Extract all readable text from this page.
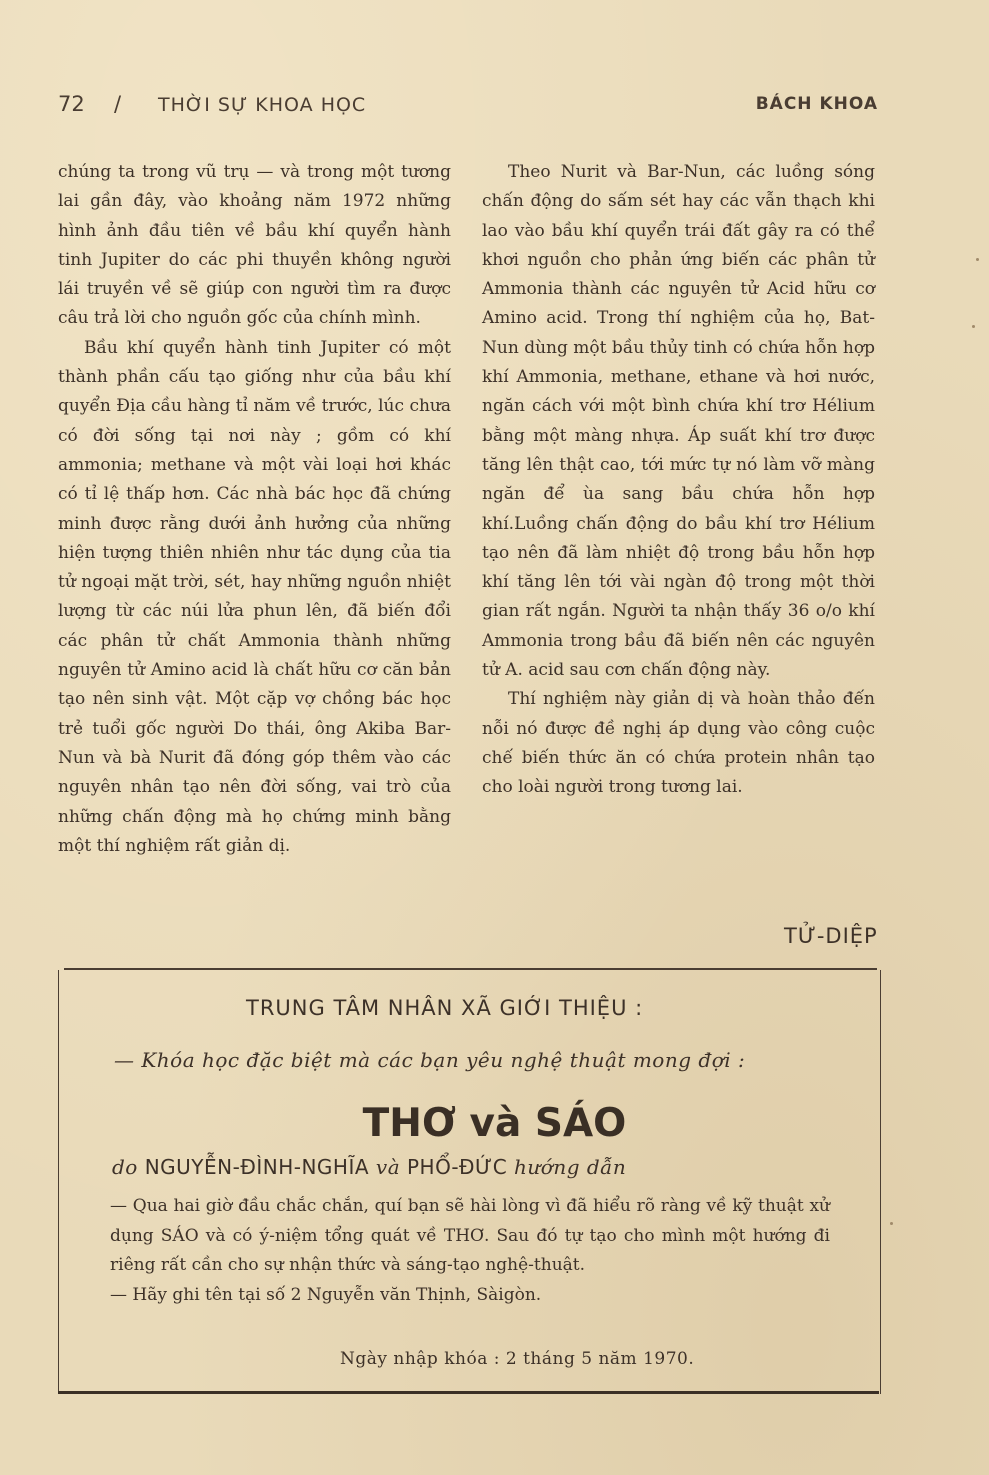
72 / THỜI SỰ KHOA HỌC	BÁCH KHOA

chúng ta trong vũ trụ — và trong một tương lai gần đây, vào khoảng năm 1972 những hình ảnh đầu tiên về bầu khí quyển hành tinh Jupiter do các phi thuyền không người lái truyền về sẽ giúp con người tìm ra được câu trả lời cho nguồn gốc của chính mình.

Bầu khí quyển hành tinh Jupiter có một thành phần cấu tạo giống như của bầu khí quyển Địa cầu hàng tỉ năm về trước, lúc chưa có đời sống tại nơi này ; gồm có khí ammonia; methane và một vài loại hơi khác có tỉ lệ thấp hơn. Các nhà bác học đã chứng minh được rằng dưới ảnh hưởng của những hiện tượng thiên nhiên như tác dụng của tia tử ngoại mặt trời, sét, hay những nguồn nhiệt lượng từ các núi lửa phun lên, đã biến đổi các phân tử chất Ammonia thành những nguyên tử Amino acid là chất hữu cơ căn bản tạo nên sinh vật. Một cặp vợ chồng bác học trẻ tuổi gốc người Do thái, ông Akiba Bar-Nun và bà Nurit đã đóng góp thêm vào các nguyên nhân tạo nên đời sống, vai trò của những chấn động mà họ chứng minh bằng một thí nghiệm rất giản dị.

Theo Nurit và Bar-Nun, các luồng sóng chấn động do sấm sét hay các vẫn thạch khi lao vào bầu khí quyển trái đất gây ra có thể khơi nguồn cho phản ứng biến các phân tử Ammonia thành các nguyên tử Acid hữu cơ Amino acid. Trong thí nghiệm của họ, Bat-Nun dùng một bầu thủy tinh có chứa hỗn hợp khí Ammonia, methane, ethane và hơi nước, ngăn cách với một bình chứa khí trơ Hélium bằng một màng nhựa. Áp suất khí trơ được tăng lên thật cao, tới mức tự nó làm vỡ màng ngăn để ùa sang bầu chứa hỗn hợp khí.Luồng chấn động do bầu khí trơ Hélium tạo nên đã làm nhiệt độ trong bầu hỗn hợp khí tăng lên tới vài ngàn độ trong một thời gian rất ngắn. Người ta nhận thấy 36 o/o khí Ammonia trong bầu đã biến nên các nguyên tử A. acid sau cơn chấn động này.

Thí nghiệm này giản dị và hoàn thảo đến nỗi nó được đề nghị áp dụng vào công cuộc chế biến thức ăn có chứa protein nhân tạo cho loài người trong tương lai.

TỬ-DIỆP
TRUNG TÂM NHÂN XÃ GIỚI THIỆU :
— Khóa học đặc biệt mà các bạn yêu nghệ thuật mong đợi :
THƠ và SÁO
do NGUYỄN-ĐÌNH-NGHĨA và PHỔ-ĐỨC hướng dẫn

— Qua hai giờ đầu chắc chắn, quí bạn sẽ hài lòng vì đã hiểu rõ ràng về kỹ thuật xử dụng SÁO và có ý-niệm tổng quát về THƠ. Sau đó tự tạo cho mình một hướng đi riêng rất cần cho sự nhận thức và sáng-tạo nghệ-thuật.

— Hãy ghi tên tại số 2 Nguyễn văn Thịnh, Sàigòn.

Ngày nhập khóa : 2 tháng 5 năm 1970.
